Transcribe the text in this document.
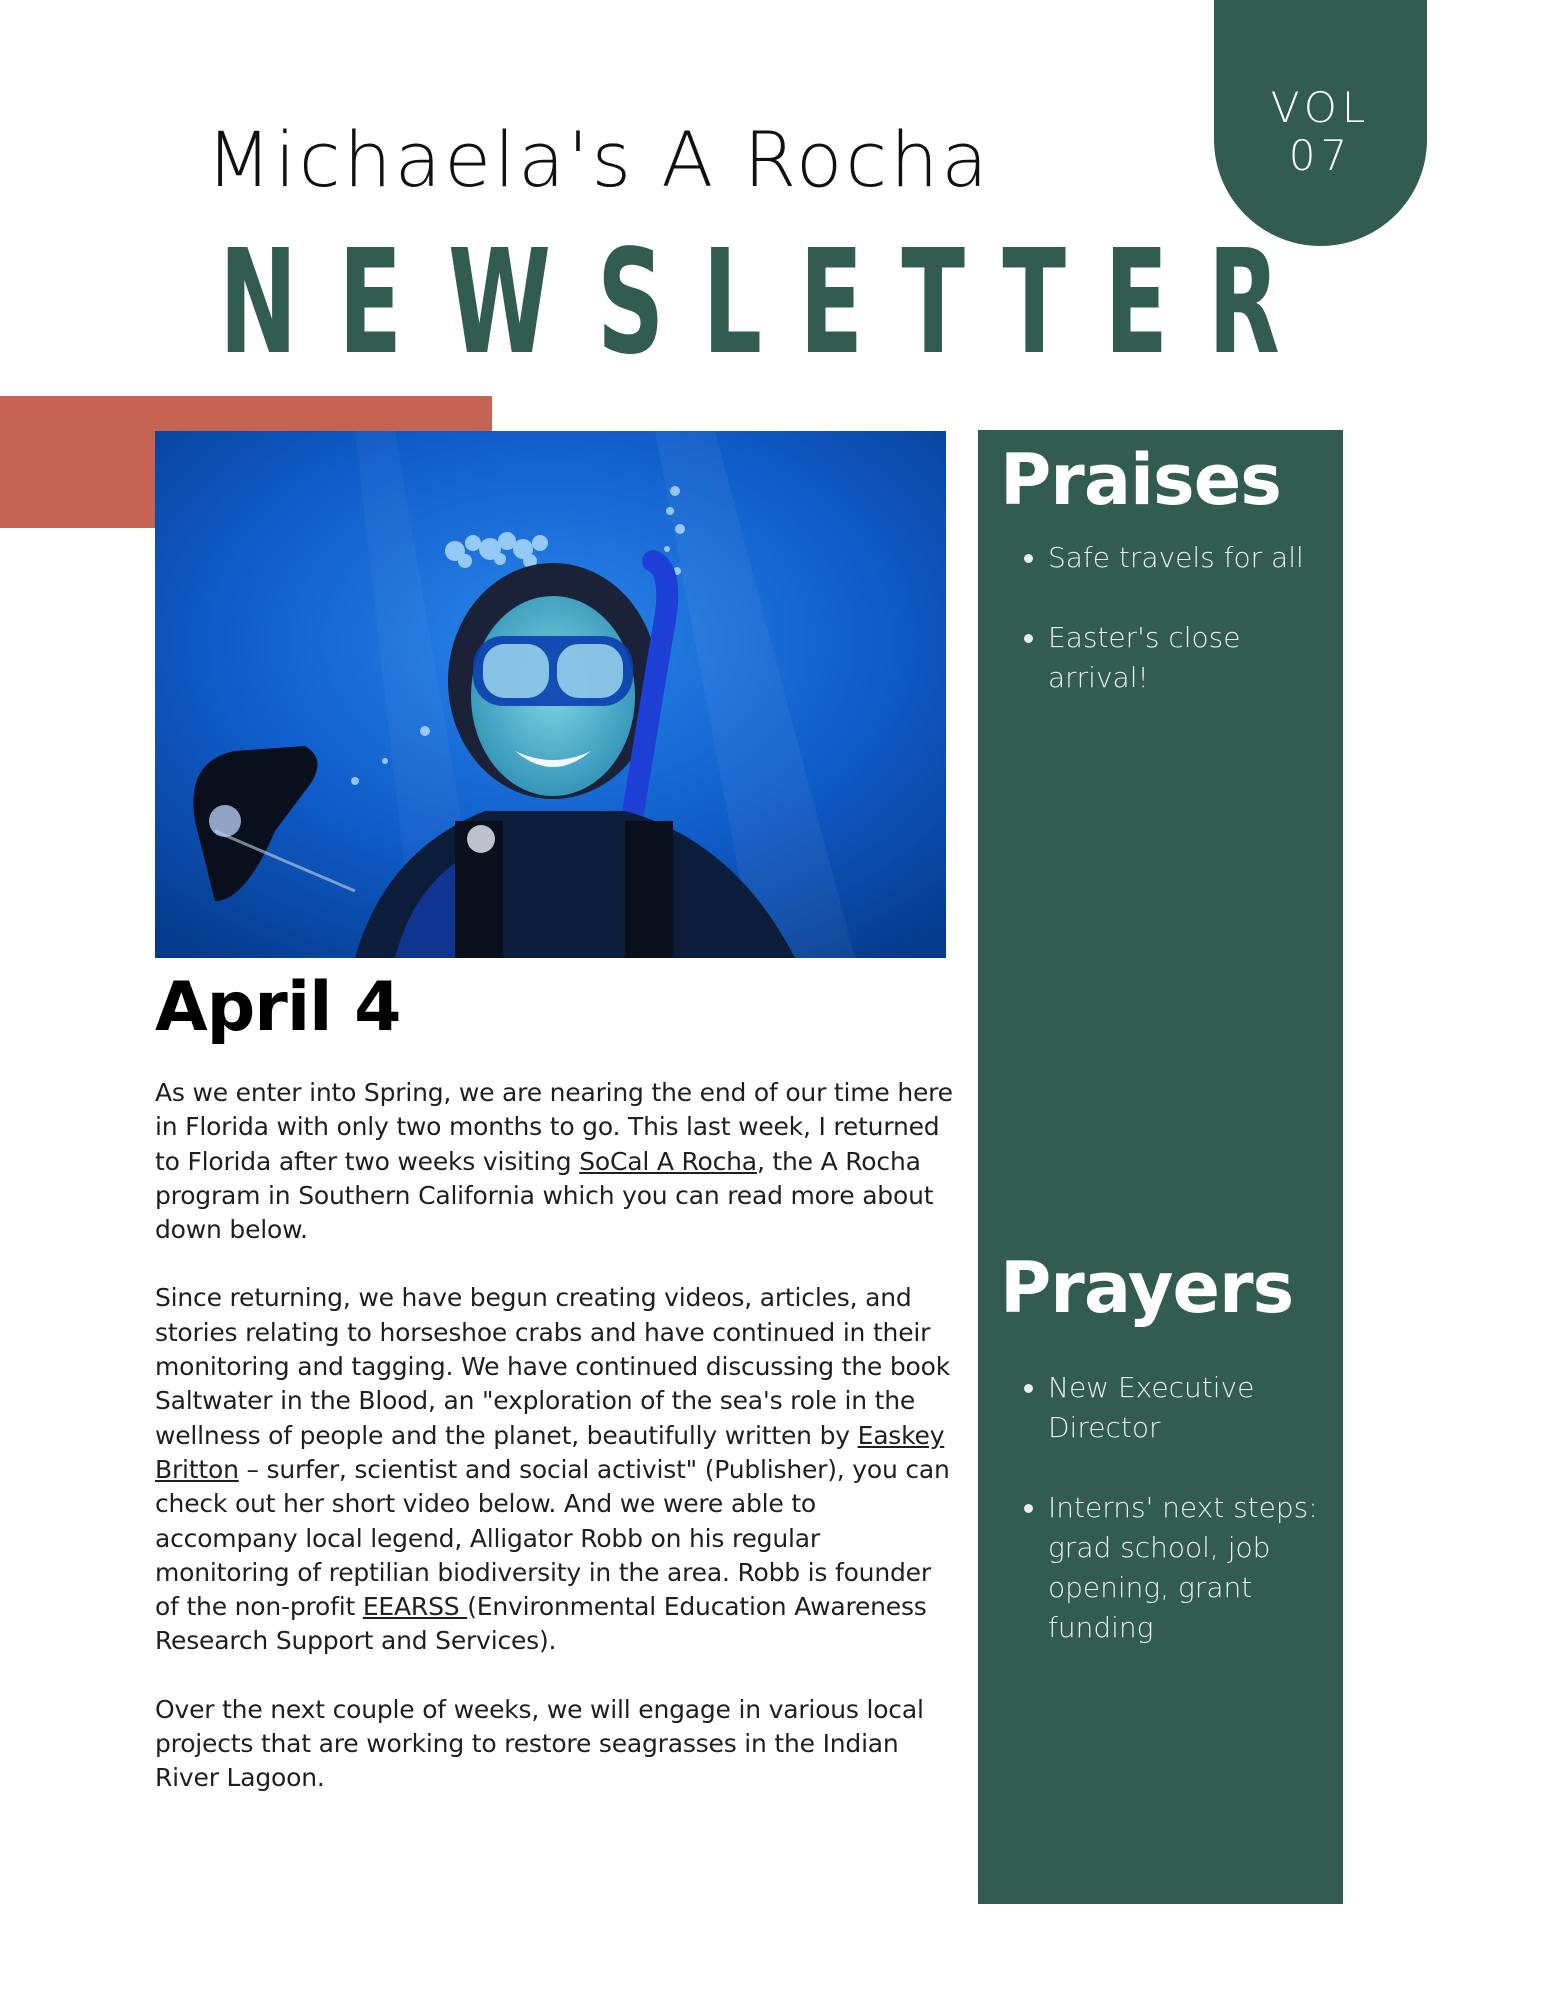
VOL
07
Michaela's A Rocha
N E W S L E T T E R
April 4

As we enter into Spring, we are nearing the end of our time here in Florida with only two months to go. This last week, I returned to Florida after two weeks visiting SoCal A Rocha, the A Rocha program in Southern California which you can read more about down below.

Since returning, we have begun creating videos, articles, and stories relating to horseshoe crabs and have continued in their monitoring and tagging. We have continued discussing the book Saltwater in the Blood, an "exploration of the sea's role in the wellness of people and the planet, beautifully written by Easkey Britton – surfer, scientist and social activist" (Publisher), you can check out her short video below. And we were able to accompany local legend, Alligator Robb on his regular monitoring of reptilian biodiversity in the area. Robb is founder of the non-profit EEARSS (Environmental Education Awareness Research Support and Services).

Over the next couple of weeks, we will engage in various local projects that are working to restore seagrasses in the Indian River Lagoon.

Praises
• Safe travels for all
• Easter's close arrival!
Prayers
• New Executive Director
• Interns' next steps: grad school, job opening, grant funding
